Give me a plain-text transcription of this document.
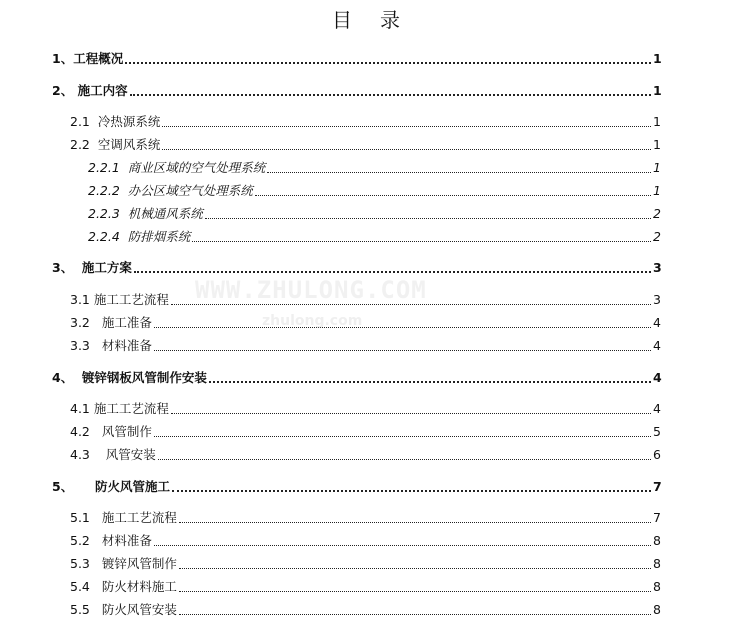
目 录
1、 工程概况	1
2、 施工内容	1
2.1 冷热源系统	1
2.2 空调风系统	1
2.2.1 商业区域的空气处理系统	1
2.2.2 办公区域空气处理系统	1
2.2.3 机械通风系统	2
2.2.4 防排烟系统	2
3、 施工方案	3
3.1 施工工艺流程	3
3.2 施工准备	4
3.3 材料准备	4
4、 镀锌钢板风管制作安装	4
4.1 施工工艺流程	4
4.2 风管制作	5
4.3 风管安装	6
5、 防火风管施工	7
5.1 施工工艺流程	7
5.2 材料准备	8
5.3 镀锌风管制作	8
5.4 防火材料施工	8
5.5 防火风管安装	8
WWW.ZHULONG.COM
zhulong.com
